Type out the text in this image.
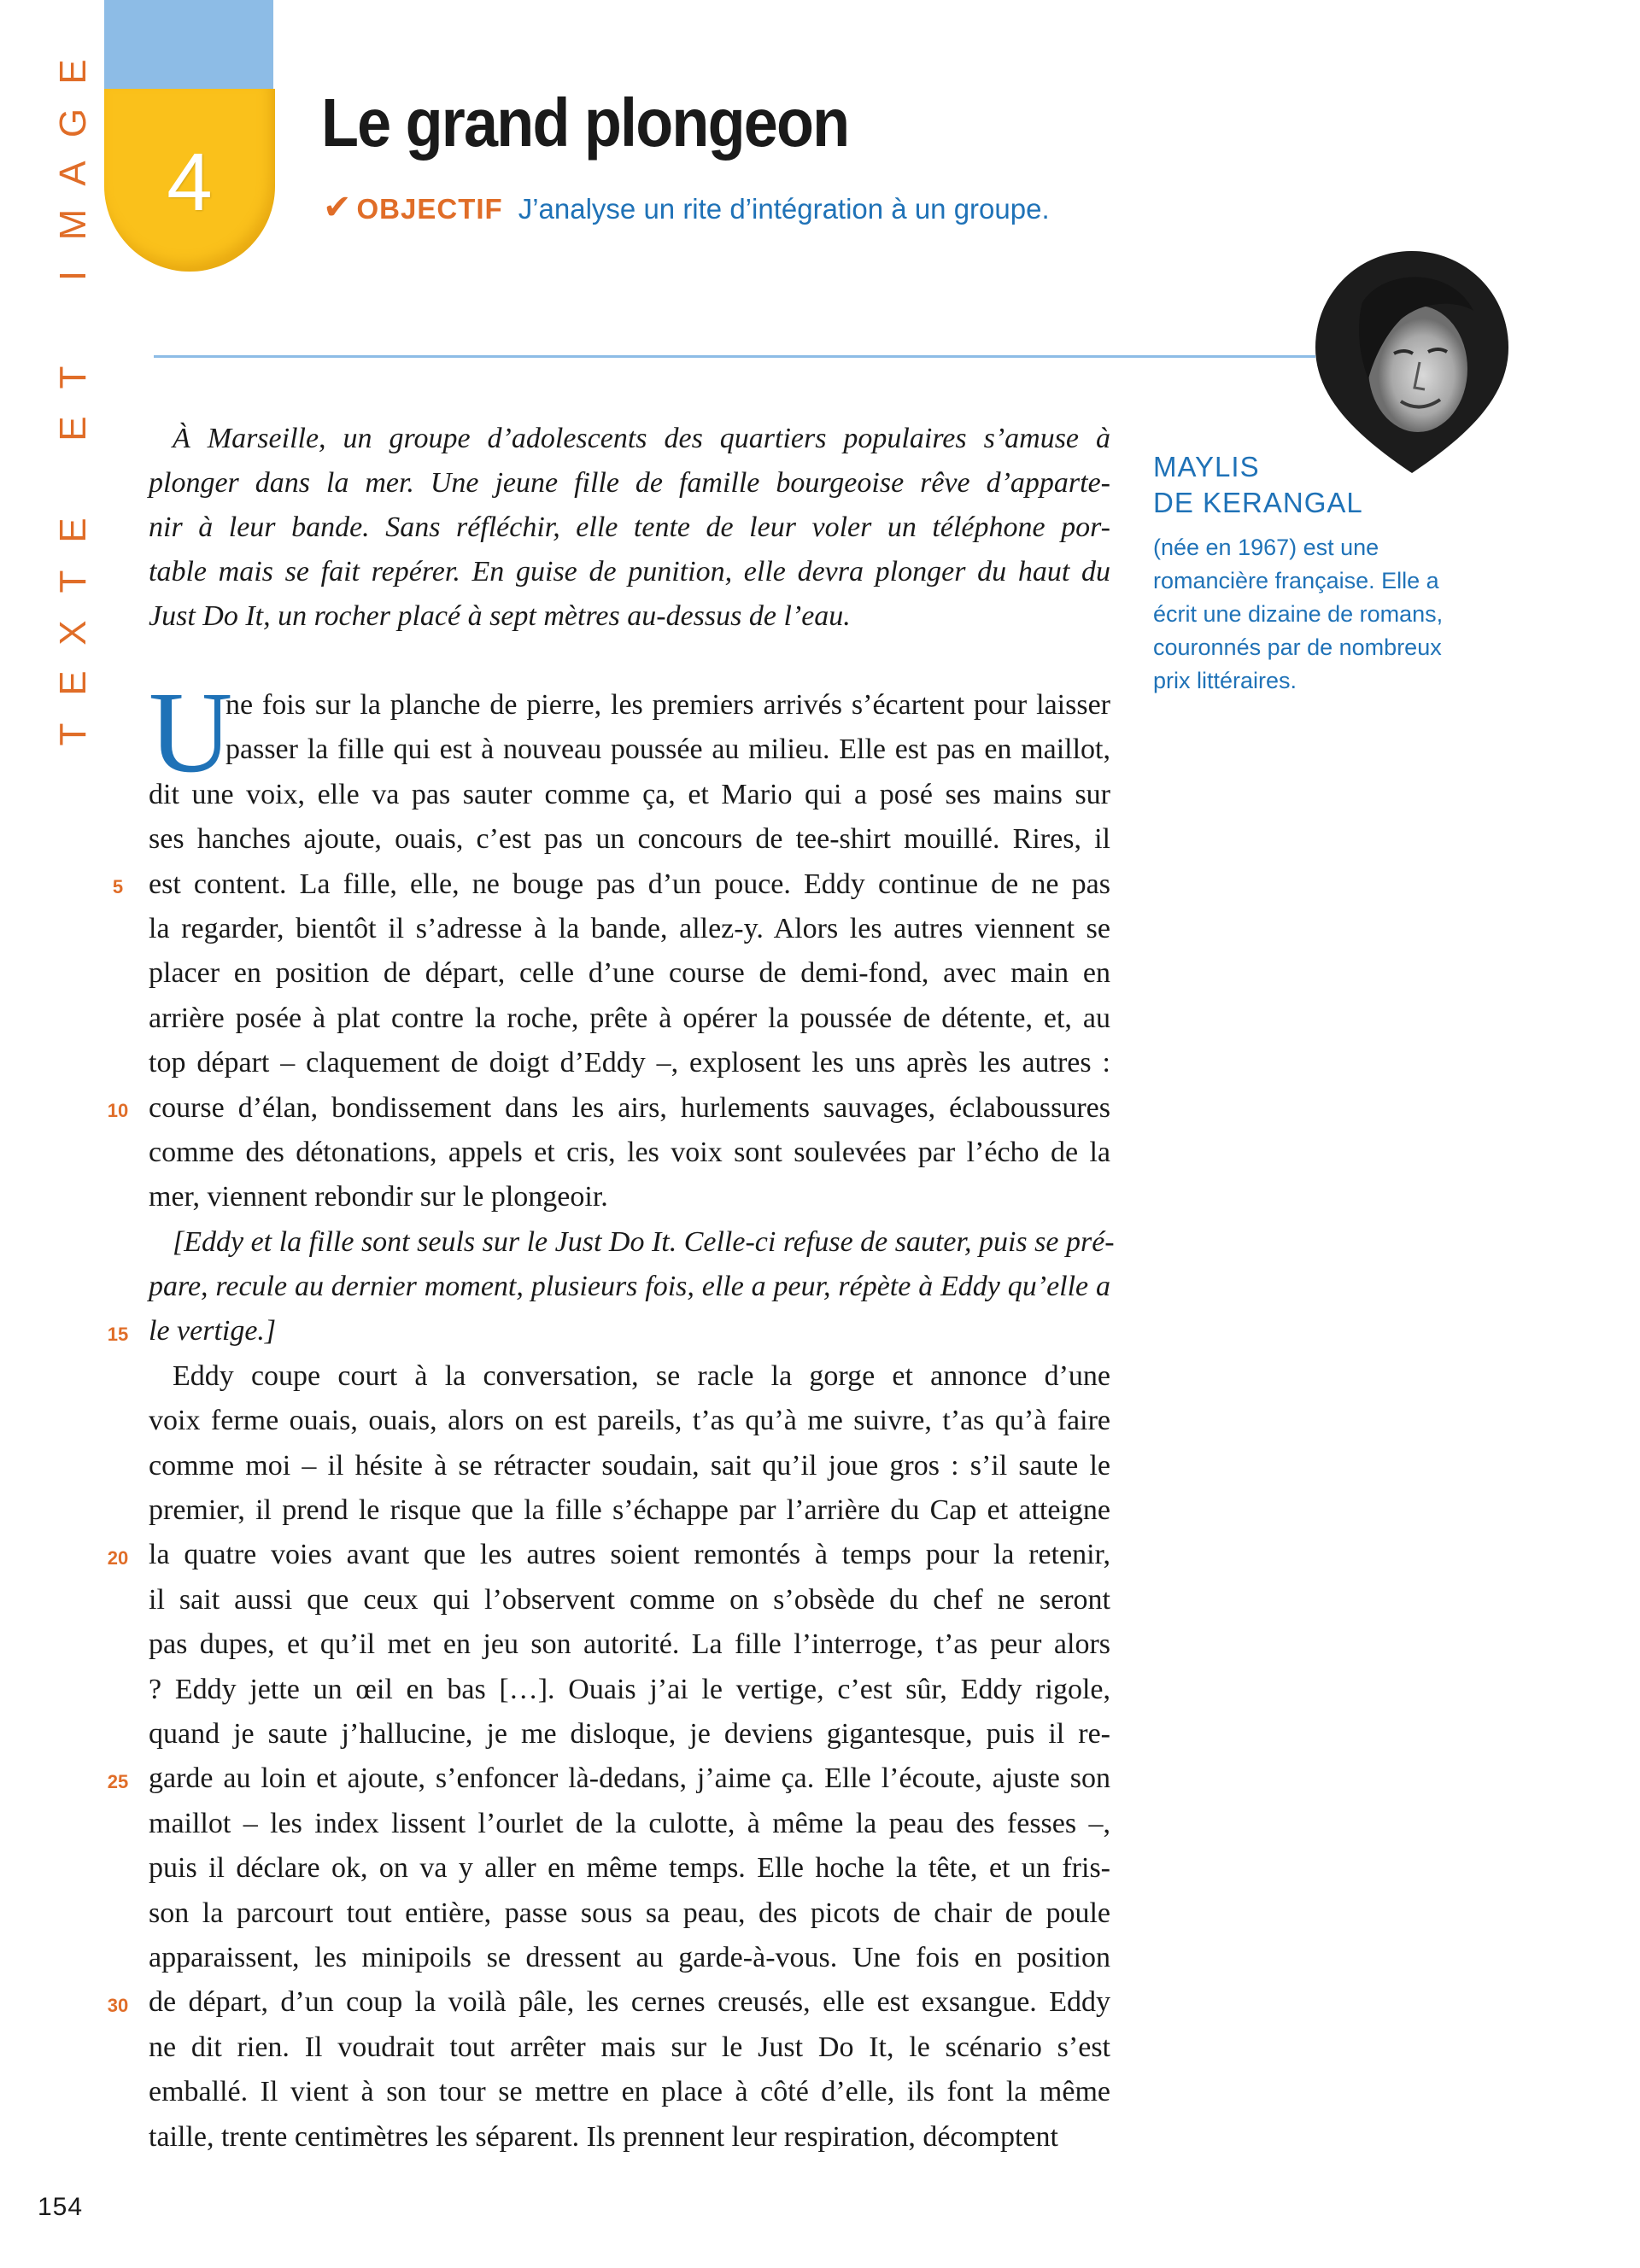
4
E
G
A
M
I
T
E
E
T
X
E
T
Le grand plongeon
✔ OBJECTIF J’analyse un rite d’intégration à un groupe.
MAYLIS
DE KERANGAL
(née en 1967) est une
romancière française. Elle a
écrit une dizaine de romans,
couronnés par de nombreux
prix littéraires.
À Marseille, un groupe d’adolescents des quartiers populaires s’amuse à
plonger dans la mer. Une jeune fille de famille bourgeoise rêve d’apparte-
nir à leur bande. Sans réfléchir, elle tente de leur voler un téléphone por-
table mais se fait repérer. En guise de punition, elle devra plonger du haut du
Just Do It, un rocher placé à sept mètres au-dessus de l’eau.
U
ne fois sur la planche de pierre, les premiers arrivés s’écartent pour laisser
passer la fille qui est à nouveau poussée au milieu. Elle est pas en maillot,
dit une voix, elle va pas sauter comme ça, et Mario qui a posé ses mains sur
ses hanches ajoute, ouais, c’est pas un concours de tee-shirt mouillé. Rires, il
est content. La fille, elle, ne bouge pas d’un pouce. Eddy continue de ne pas
la regarder, bientôt il s’adresse à la bande, allez-y. Alors les autres viennent se
placer en position de départ, celle d’une course de demi-fond, avec main en
arrière posée à plat contre la roche, prête à opérer la poussée de détente, et, au
top départ – claquement de doigt d’Eddy –, explosent les uns après les autres :
course d’élan, bondissement dans les airs, hurlements sauvages, éclaboussures
comme des détonations, appels et cris, les voix sont soulevées par l’écho de la
mer, viennent rebondir sur le plongeoir.
[Eddy et la fille sont seuls sur le Just Do It. Celle-ci refuse de sauter, puis se pré-
pare, recule au dernier moment, plusieurs fois, elle a peur, répète à Eddy qu’elle a
le vertige.]
Eddy coupe court à la conversation, se racle la gorge et annonce d’une
voix ferme ouais, ouais, alors on est pareils, t’as qu’à me suivre, t’as qu’à faire
comme moi – il hésite à se rétracter soudain, sait qu’il joue gros : s’il saute le
premier, il prend le risque que la fille s’échappe par l’arrière du Cap et atteigne
la quatre voies avant que les autres soient remontés à temps pour la retenir,
il sait aussi que ceux qui l’observent comme on s’obsède du chef ne seront
pas dupes, et qu’il met en jeu son autorité. La fille l’interroge, t’as peur alors
? Eddy jette un œil en bas […]. Ouais j’ai le vertige, c’est sûr, Eddy rigole,
quand je saute j’hallucine, je me disloque, je deviens gigantesque, puis il re-
garde au loin et ajoute, s’enfoncer là-dedans, j’aime ça. Elle l’écoute, ajuste son
maillot – les index lissent l’ourlet de la culotte, à même la peau des fesses –,
puis il déclare ok, on va y aller en même temps. Elle hoche la tête, et un fris-
son la parcourt tout entière, passe sous sa peau, des picots de chair de poule
apparaissent, les minipoils se dressent au garde-à-vous. Une fois en position
de départ, d’un coup la voilà pâle, les cernes creusés, elle est exsangue. Eddy
ne dit rien. Il voudrait tout arrêter mais sur le Just Do It, le scénario s’est
emballé. Il vient à son tour se mettre en place à côté d’elle, ils font la même
taille, trente centimètres les séparent. Ils prennent leur respiration, décomptent
5
10
15
20
25
30
154
